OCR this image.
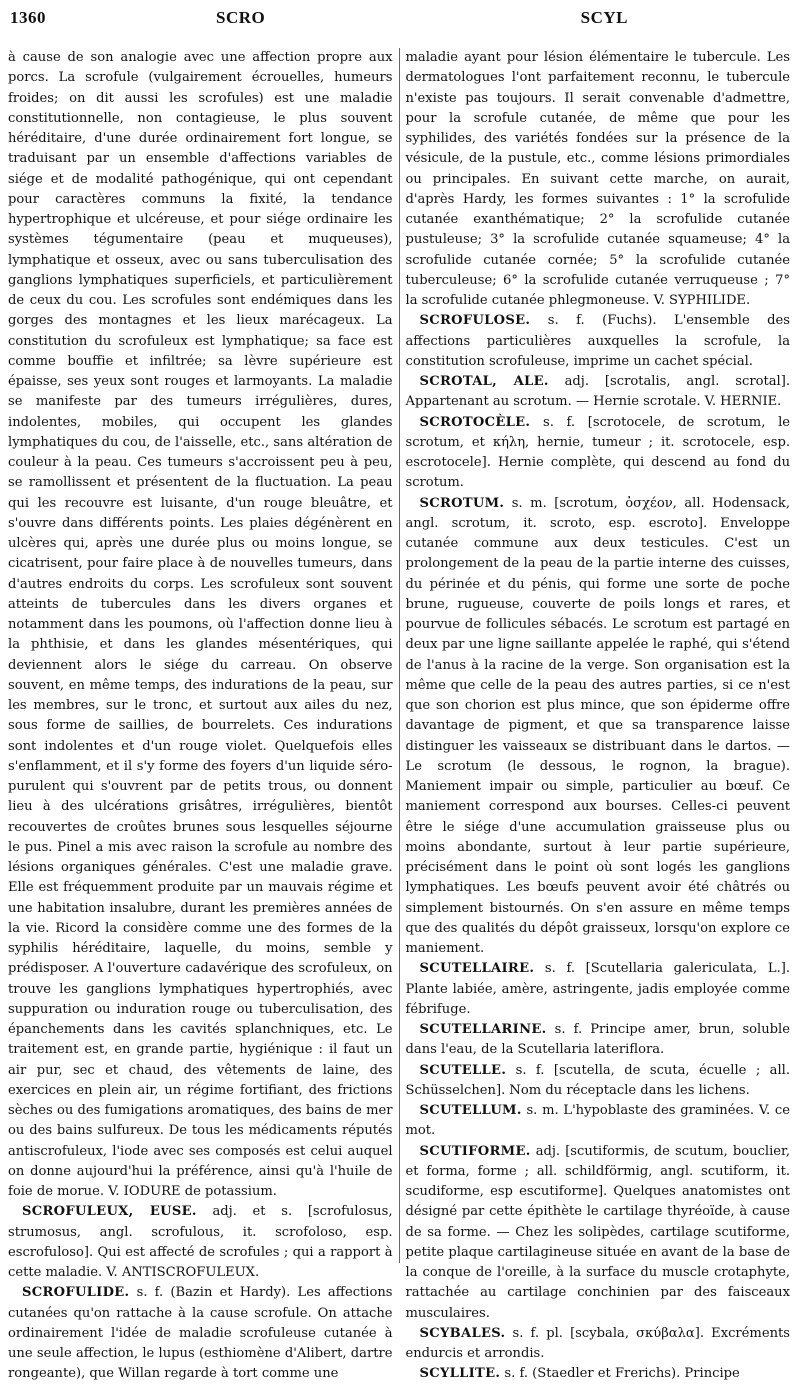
1360	SCRO	SCYL

à cause de son analogie avec une affection propre aux porcs. La scrofule (vulgairement écrouelles, humeurs froides; on dit aussi les scrofules) est une maladie constitutionnelle, non contagieuse, le plus souvent héréditaire, d'une durée ordinairement fort longue, se traduisant par un ensemble d'affections variables de siége et de modalité pathogénique, qui ont cependant pour caractères communs la fixité, la tendance hypertrophique et ulcéreuse, et pour siége ordinaire les systèmes tégumentaire (peau et muqueuses), lymphatique et osseux, avec ou sans tuberculisation des ganglions lymphatiques superficiels, et particulièrement de ceux du cou. Les scrofules sont endémiques dans les gorges des montagnes et les lieux marécageux. La constitution du scrofuleux est lymphatique; sa face est comme bouffie et infiltrée; sa lèvre supérieure est épaisse, ses yeux sont rouges et larmoyants. La maladie se manifeste par des tumeurs irrégulières, dures, indolentes, mobiles, qui occupent les glandes lymphatiques du cou, de l'aisselle, etc., sans altération de couleur à la peau. Ces tumeurs s'accroissent peu à peu, se ramollissent et présentent de la fluctuation. La peau qui les recouvre est luisante, d'un rouge bleuâtre, et s'ouvre dans différents points. Les plaies dégénèrent en ulcères qui, après une durée plus ou moins longue, se cicatrisent, pour faire place à de nouvelles tumeurs, dans d'autres endroits du corps. Les scrofuleux sont souvent atteints de tubercules dans les divers organes et notamment dans les poumons, où l'affection donne lieu à la phthisie, et dans les glandes mésentériques, qui deviennent alors le siége du carreau. On observe souvent, en même temps, des indurations de la peau, sur les membres, sur le tronc, et surtout aux ailes du nez, sous forme de saillies, de bourrelets. Ces indurations sont indolentes et d'un rouge violet. Quelquefois elles s'enflamment, et il s'y forme des foyers d'un liquide séro-purulent qui s'ouvrent par de petits trous, ou donnent lieu à des ulcérations grisâtres, irrégulières, bientôt recouvertes de croûtes brunes sous lesquelles séjourne le pus. Pinel a mis avec raison la scrofule au nombre des lésions organiques générales. C'est une maladie grave. Elle est fréquemment produite par un mauvais régime et une habitation insalubre, durant les premières années de la vie. Ricord la considère comme une des formes de la syphilis héréditaire, laquelle, du moins, semble y prédisposer. A l'ouverture cadavérique des scrofuleux, on trouve les ganglions lymphatiques hypertrophiés, avec suppuration ou induration rouge ou tuberculisation, des épanchements dans les cavités splanchniques, etc. Le traitement est, en grande partie, hygiénique : il faut un air pur, sec et chaud, des vêtements de laine, des exercices en plein air, un régime fortifiant, des frictions sèches ou des fumigations aromatiques, des bains de mer ou des bains sulfureux. De tous les médicaments réputés antiscrofuleux, l'iode avec ses composés est celui auquel on donne aujourd'hui la préférence, ainsi qu'à l'huile de foie de morue. V. IODURE de potassium.

SCROFULEUX, EUSE. adj. et s. [scrofulosus, strumosus, angl. scrofulous, it. scrofoloso, esp. escrofuloso]. Qui est affecté de scrofules ; qui a rapport à cette maladie. V. ANTISCROFULEUX.

SCROFULIDE. s. f. (Bazin et Hardy). Les affections cutanées qu'on rattache à la cause scrofule. On attache ordinairement l'idée de maladie scrofuleuse cutanée à une seule affection, le lupus (esthiomène d'Alibert, dartre rongeante), que Willan regarde à tort comme une

maladie ayant pour lésion élémentaire le tubercule. Les dermatologues l'ont parfaitement reconnu, le tubercule n'existe pas toujours. Il serait convenable d'admettre, pour la scrofule cutanée, de même que pour les syphilides, des variétés fondées sur la présence de la vésicule, de la pustule, etc., comme lésions primordiales ou principales. En suivant cette marche, on aurait, d'après Hardy, les formes suivantes : 1° la scrofulide cutanée exanthématique; 2° la scrofulide cutanée pustuleuse; 3° la scrofulide cutanée squameuse; 4° la scrofulide cutanée cornée; 5° la scrofulide cutanée tuberculeuse; 6° la scrofulide cutanée verruqueuse ; 7° la scrofulide cutanée phlegmoneuse. V. SYPHILIDE.

SCROFULOSE. s. f. (Fuchs). L'ensemble des affections particulières auxquelles la scrofule, la constitution scrofuleuse, imprime un cachet spécial.

SCROTAL, ALE. adj. [scrotalis, angl. scrotal]. Appartenant au scrotum. — Hernie scrotale. V. HERNIE.

SCROTOCÈLE. s. f. [scrotocele, de scrotum, le scrotum, et κήλη, hernie, tumeur ; it. scrotocele, esp. escrotocele]. Hernie complète, qui descend au fond du scrotum.

SCROTUM. s. m. [scrotum, ὀσχέον, all. Hodensack, angl. scrotum, it. scroto, esp. escroto]. Enveloppe cutanée commune aux deux testicules. C'est un prolongement de la peau de la partie interne des cuisses, du périnée et du pénis, qui forme une sorte de poche brune, rugueuse, couverte de poils longs et rares, et pourvue de follicules sébacés. Le scrotum est partagé en deux par une ligne saillante appelée le raphé, qui s'étend de l'anus à la racine de la verge. Son organisation est la même que celle de la peau des autres parties, si ce n'est que son chorion est plus mince, que son épiderme offre davantage de pigment, et que sa transparence laisse distinguer les vaisseaux se distribuant dans le dartos. — Le scrotum (le dessous, le rognon, la brague). Maniement impair ou simple, particulier au bœuf. Ce maniement correspond aux bourses. Celles-ci peuvent être le siége d'une accumulation graisseuse plus ou moins abondante, surtout à leur partie supérieure, précisément dans le point où sont logés les ganglions lymphatiques. Les bœufs peuvent avoir été châtrés ou simplement bistournés. On s'en assure en même temps que des qualités du dépôt graisseux, lorsqu'on explore ce maniement.

SCUTELLAIRE. s. f. [Scutellaria galericulata, L.]. Plante labiée, amère, astringente, jadis employée comme fébrifuge.

SCUTELLARINE. s. f. Principe amer, brun, soluble dans l'eau, de la Scutellaria lateriflora.

SCUTELLE. s. f. [scutella, de scuta, écuelle ; all. Schüsselchen]. Nom du réceptacle dans les lichens.

SCUTELLUM. s. m. L'hypoblaste des graminées. V. ce mot.

SCUTIFORME. adj. [scutiformis, de scutum, bouclier, et forma, forme ; all. schildförmig, angl. scutiform, it. scudiforme, esp escutiforme]. Quelques anatomistes ont désigné par cette épithète le cartilage thyréoïde, à cause de sa forme. — Chez les solipèdes, cartilage scutiforme, petite plaque cartilagineuse située en avant de la base de la conque de l'oreille, à la surface du muscle crotaphyte, rattachée au cartilage conchinien par des faisceaux musculaires.

SCYBALES. s. f. pl. [scybala, σκύβαλα]. Excréments endurcis et arrondis.

SCYLLITE. s. f. (Staedler et Frerichs). Principe
